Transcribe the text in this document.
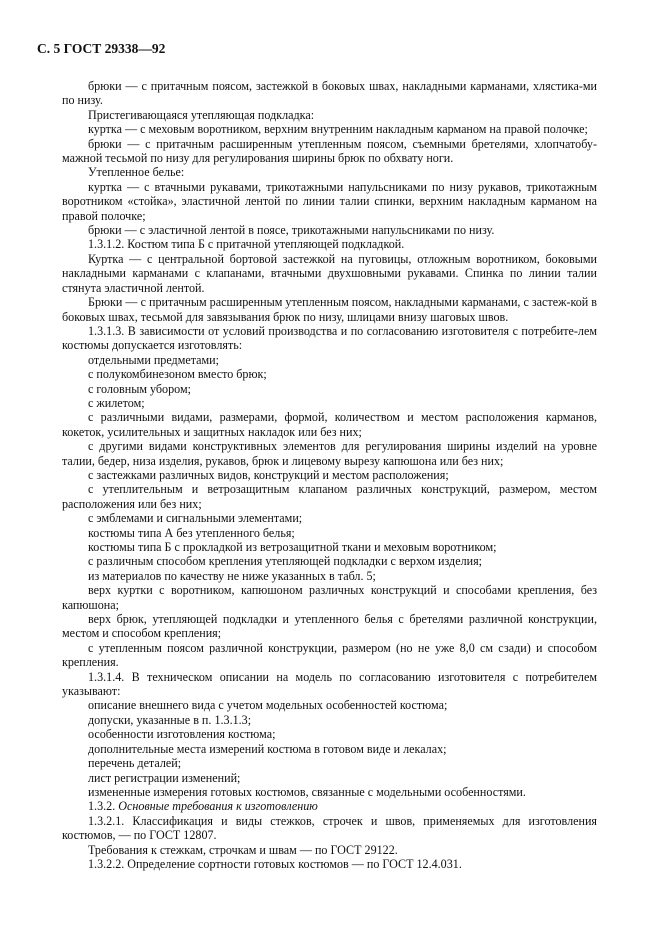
С. 5 ГОСТ 29338—92

брюки — с притачным поясом, застежкой в боковых швах, накладными карманами, хлястика-ми по низу.

Пристегивающаяся утепляющая подкладка:

куртка — с меховым воротником, верхним внутренним накладным карманом на правой полочке;

брюки — с притачным расширенным утепленным поясом, съемными бретелями, хлопчатобу-мажной тесьмой по низу для регулирования ширины брюк по обхвату ноги.

Утепленное белье:

куртка — с втачными рукавами, трикотажными напульсниками по низу рукавов, трикотажным воротником «стойка», эластичной лентой по линии талии спинки, верхним накладным карманом на правой полочке;

брюки — с эластичной лентой в поясе, трикотажными напульсниками по низу.

1.3.1.2. Костюм типа Б с притачной утепляющей подкладкой.

Куртка — с центральной бортовой застежкой на пуговицы, отложным воротником, боковыми накладными карманами с клапанами, втачными двухшовными рукавами. Спинка по линии талии стянута эластичной лентой.

Брюки — с притачным расширенным утепленным поясом, накладными карманами, с застеж-кой в боковых швах, тесьмой для завязывания брюк по низу, шлицами внизу шаговых швов.

1.3.1.3. В зависимости от условий производства и по согласованию изготовителя с потребите-лем костюмы допускается изготовлять:

отдельными предметами;

с полукомбинезоном вместо брюк;

с головным убором;

с жилетом;

с различными видами, размерами, формой, количеством и местом расположения карманов, кокеток, усилительных и защитных накладок или без них;

с другими видами конструктивных элементов для регулирования ширины изделий на уровне талии, бедер, низа изделия, рукавов, брюк и лицевому вырезу капюшона или без них;

с застежками различных видов, конструкций и местом расположения;

с утеплительным и ветрозащитным клапаном различных конструкций, размером, местом расположения или без них;

с эмблемами и сигнальными элементами;

костюмы типа А без утепленного белья;

костюмы типа Б с прокладкой из ветрозащитной ткани и меховым воротником;

с различным способом крепления утепляющей подкладки с верхом изделия;

из материалов по качеству не ниже указанных в табл. 5;

верх куртки с воротником, капюшоном различных конструкций и способами крепления, без капюшона;

верх брюк, утепляющей подкладки и утепленного белья с бретелями различной конструкции, местом и способом крепления;

с утепленным поясом различной конструкции, размером (но не уже 8,0 см сзади) и способом крепления.

1.3.1.4. В техническом описании на модель по согласованию изготовителя с потребителем указывают:

описание внешнего вида с учетом модельных особенностей костюма;

допуски, указанные в п. 1.3.1.3;

особенности изготовления костюма;

дополнительные места измерений костюма в готовом виде и лекалах;

перечень деталей;

лист регистрации изменений;

измененные измерения готовых костюмов, связанные с модельными особенностями.

1.3.2. Основные требования к изготовлению

1.3.2.1. Классификация и виды стежков, строчек и швов, применяемых для изготовления костюмов, — по ГОСТ 12807.

Требования к стежкам, строчкам и швам — по ГОСТ 29122.

1.3.2.2. Определение сортности готовых костюмов — по ГОСТ 12.4.031.
